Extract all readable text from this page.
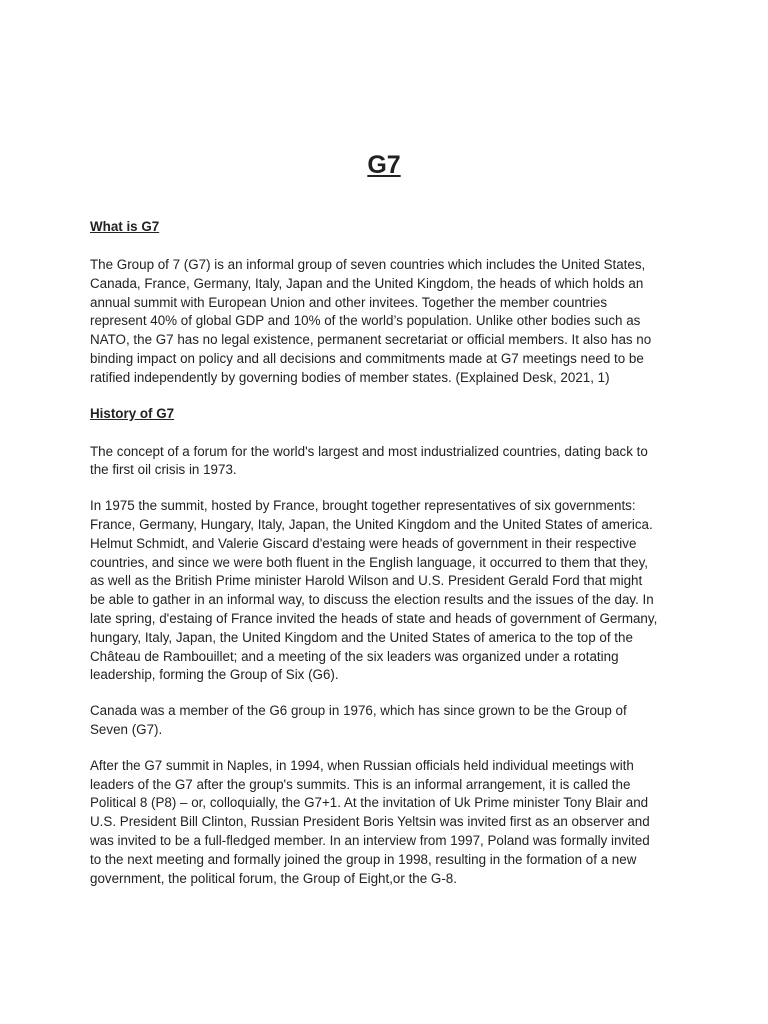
G7
What is G7

The Group of 7 (G7) is an informal group of seven countries which includes the United States,
Canada, France, Germany, Italy, Japan and the United Kingdom, the heads of which holds an
annual summit with European Union and other invitees. Together the member countries
represent 40% of global GDP and 10% of the world’s population. Unlike other bodies such as
NATO, the G7 has no legal existence, permanent secretariat or official members. It also has no
binding impact on policy and all decisions and commitments made at G7 meetings need to be
ratified independently by governing bodies of member states. (Explained Desk, 2021, 1)

History of G7

The concept of a forum for the world's largest and most industrialized countries, dating back to
the first oil crisis in 1973.

In 1975 the summit, hosted by France, brought together representatives of six governments:
France, Germany, Hungary, Italy, Japan, the United Kingdom and the United States of america.
Helmut Schmidt, and Valerie Giscard d'estaing were heads of government in their respective
countries, and since we were both fluent in the English language, it occurred to them that they,
as well as the British Prime minister Harold Wilson and U.S. President Gerald Ford that might
be able to gather in an informal way, to discuss the election results and the issues of the day. In
late spring, d'estaing of France invited the heads of state and heads of government of Germany,
hungary, Italy, Japan, the United Kingdom and the United States of america to the top of the
Château de Rambouillet; and a meeting of the six leaders was organized under a rotating
leadership, forming the Group of Six (G6).

Canada was a member of the G6 group in 1976, which has since grown to be the Group of
Seven (G7).

After the G7 summit in Naples, in 1994, when Russian officials held individual meetings with
leaders of the G7 after the group's summits. This is an informal arrangement, it is called the
Political 8 (P8) – or, colloquially, the G7+1. At the invitation of Uk Prime minister Tony Blair and
U.S. President Bill Clinton, Russian President Boris Yeltsin was invited first as an observer and
was invited to be a full-fledged member. In an interview from 1997, Poland was formally invited
to the next meeting and formally joined the group in 1998, resulting in the formation of a new
government, the political forum, the Group of Eight,or the G-8.
